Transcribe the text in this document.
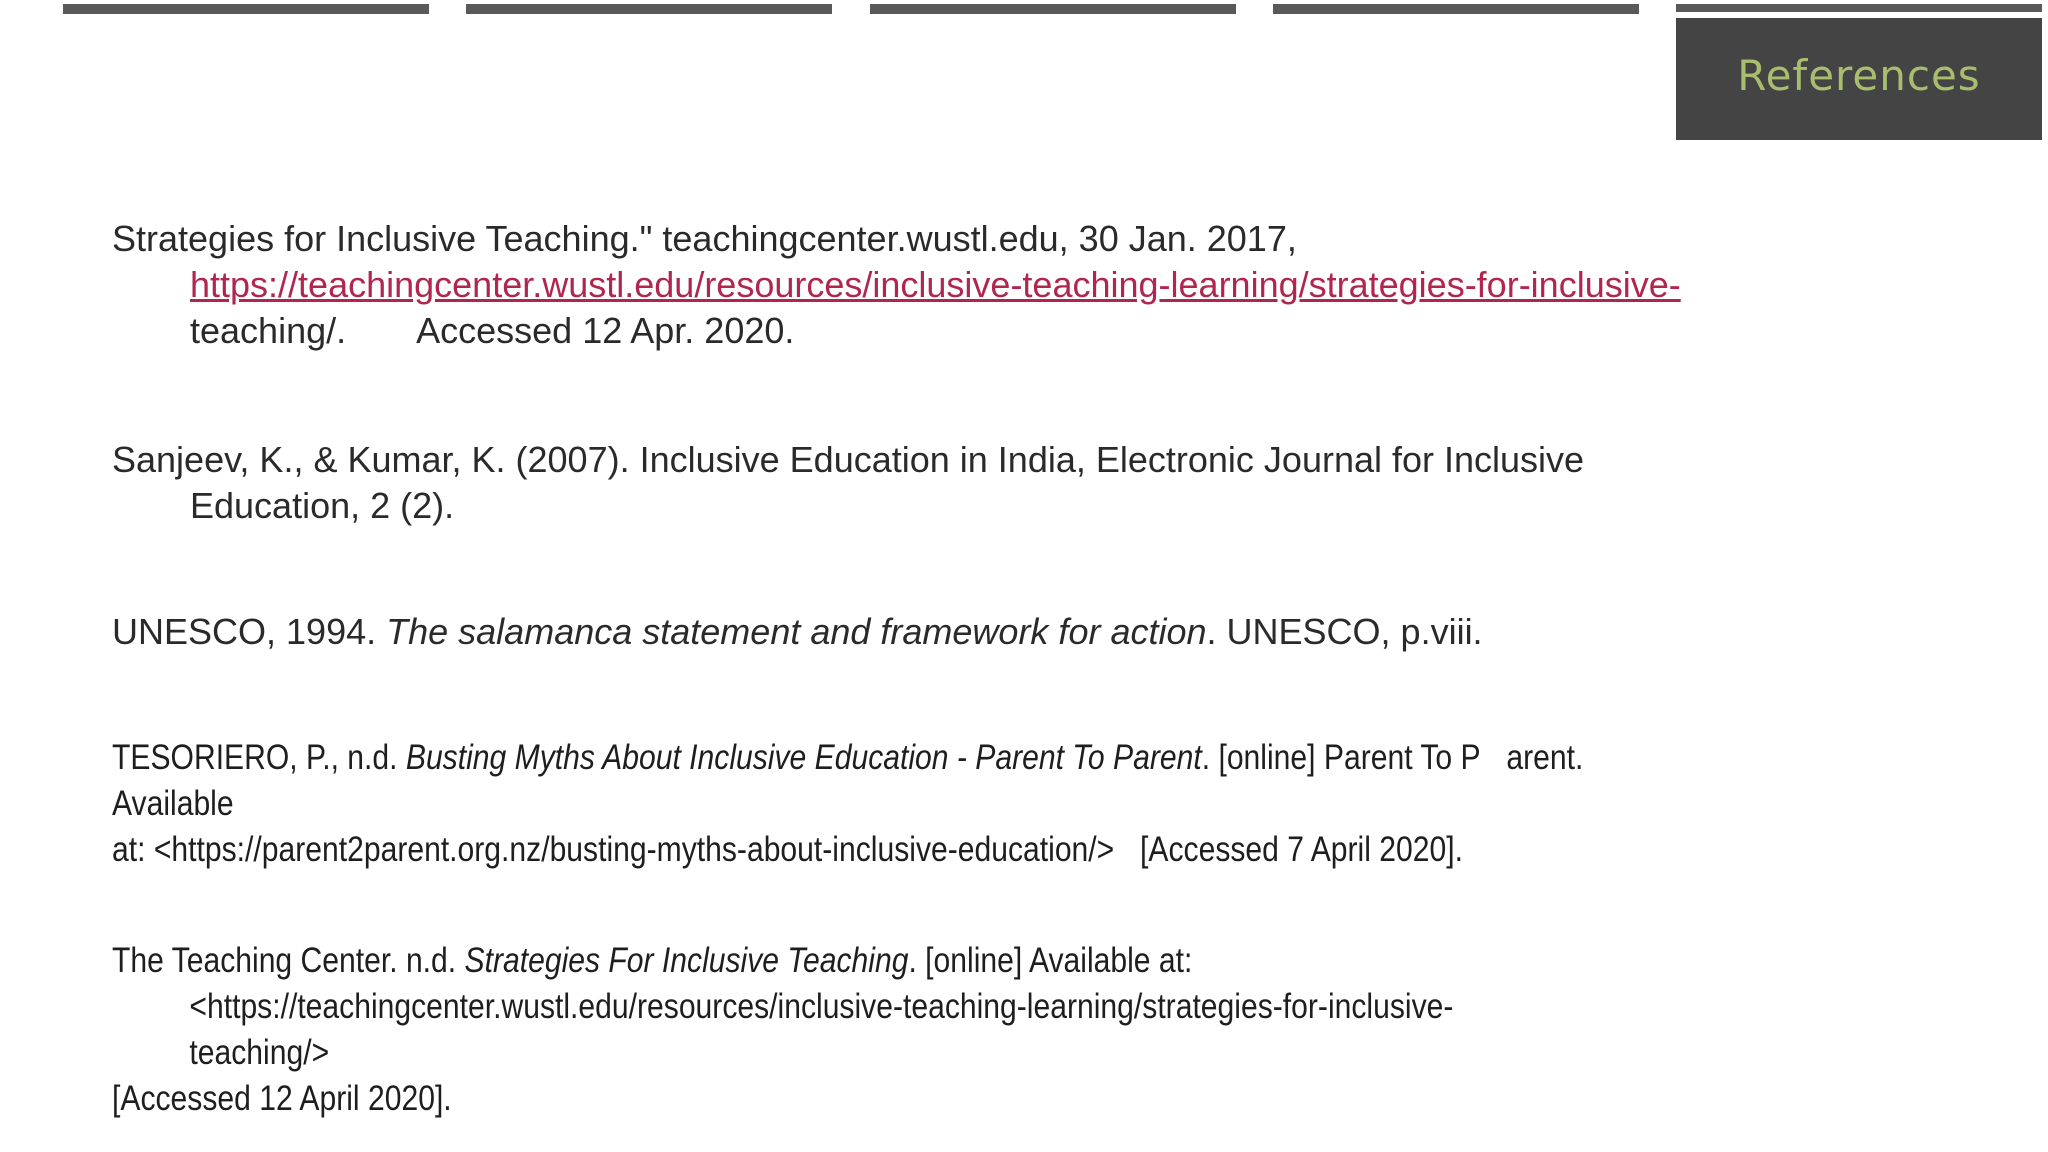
References
Strategies for Inclusive Teaching." teachingcenter.wustl.edu, 30 Jan. 2017,
https://teachingcenter.wustl.edu/resources/inclusive-teaching-learning/strategies-for-inclusive-
teaching/. Accessed 12 Apr. 2020.
Sanjeev, K., & Kumar, K. (2007). Inclusive Education in India, Electronic Journal for Inclusive
Education, 2 (2).
UNESCO, 1994. The salamanca statement and framework for action. UNESCO, p.viii.
TESORIERO, P., n.d. Busting Myths About Inclusive Education - Parent To Parent. [online] Parent To P arent. Available
at: <https://parent2parent.org.nz/busting-myths-about-inclusive-education/> [Accessed 7 April 2020].
The Teaching Center. n.d. Strategies For Inclusive Teaching. [online] Available at:
<https://teachingcenter.wustl.edu/resources/inclusive-teaching-learning/strategies-for-inclusive-teaching/>
[Accessed 12 April 2020].
